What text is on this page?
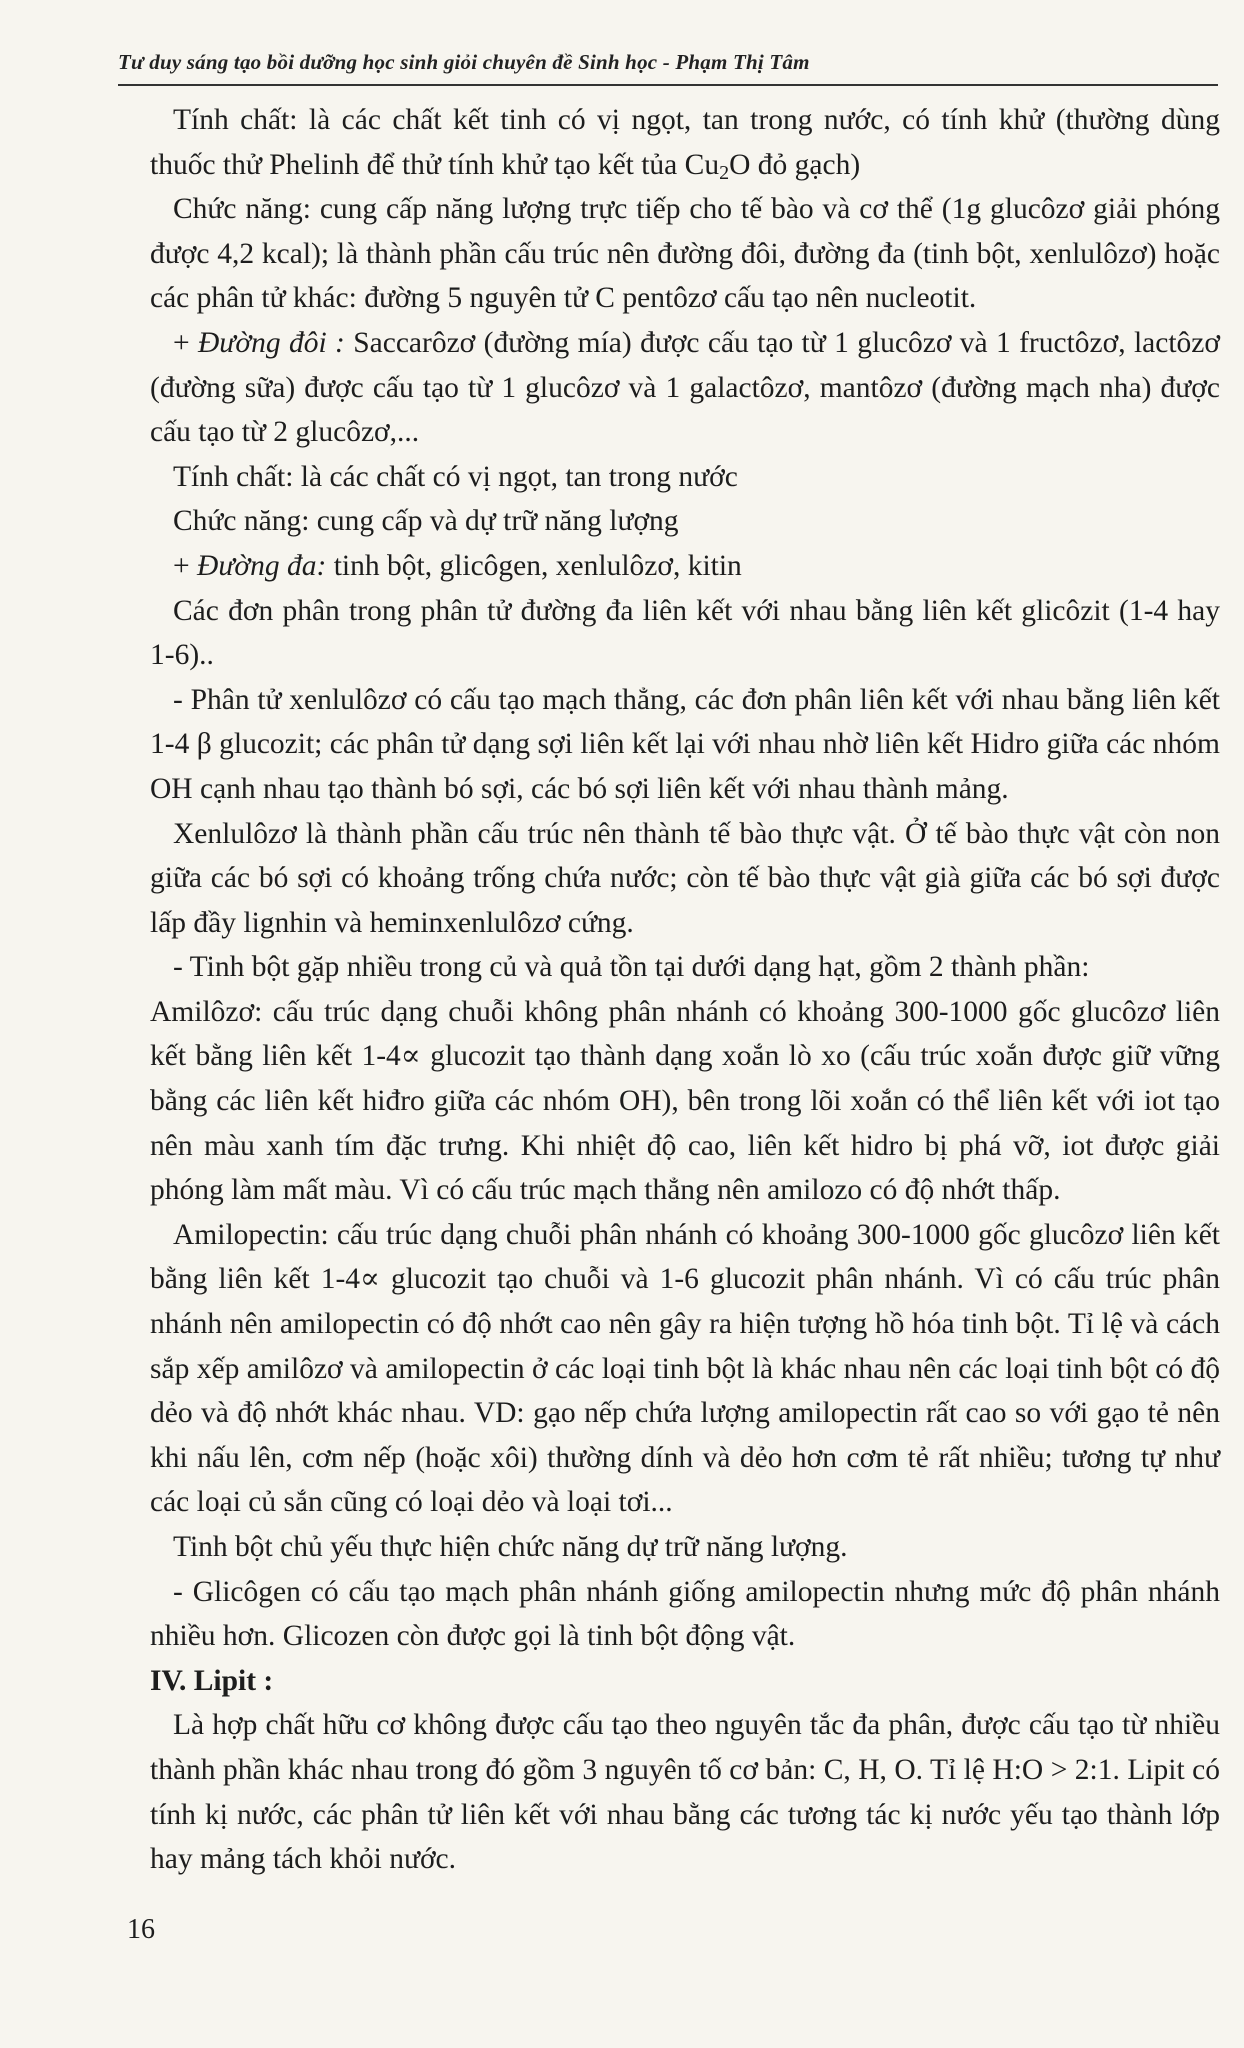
Tư duy sáng tạo bồi dưỡng học sinh giỏi chuyên đề Sinh học - Phạm Thị Tâm

Tính chất: là các chất kết tinh có vị ngọt, tan trong nước, có tính khử (thường dùng thuốc thử Phelinh để thử tính khử tạo kết tủa $Cu_2O$ đỏ gạch)

Chức năng: cung cấp năng lượng trực tiếp cho tế bào và cơ thể (1g glucôzơ giải phóng được 4,2 kcal); là thành phần cấu trúc nên đường đôi, đường đa (tinh bột, xenlulôzơ) hoặc các phân tử khác: đường 5 nguyên tử C pentôzơ cấu tạo nên nucleotit.

+ Đường đôi : Saccarôzơ (đường mía) được cấu tạo từ 1 glucôzơ và 1 fructôzơ, lactôzơ (đường sữa) được cấu tạo từ 1 glucôzơ và 1 galactôzơ, mantôzơ (đường mạch nha) được cấu tạo từ 2 glucôzơ,...

Tính chất: là các chất có vị ngọt, tan trong nước

Chức năng: cung cấp và dự trữ năng lượng

+ Đường đa: tinh bột, glicôgen, xenlulôzơ, kitin

Các đơn phân trong phân tử đường đa liên kết với nhau bằng liên kết glicôzit (1-4 hay 1-6)..

- Phân tử xenlulôzơ có cấu tạo mạch thẳng, các đơn phân liên kết với nhau bằng liên kết 1-4 β glucozit; các phân tử dạng sợi liên kết lại với nhau nhờ liên kết Hidro giữa các nhóm OH cạnh nhau tạo thành bó sợi, các bó sợi liên kết với nhau thành mảng.

Xenlulôzơ là thành phần cấu trúc nên thành tế bào thực vật. Ở tế bào thực vật còn non giữa các bó sợi có khoảng trống chứa nước; còn tế bào thực vật già giữa các bó sợi được lấp đầy lignhin và heminxenlulôzơ cứng.

- Tinh bột gặp nhiều trong củ và quả tồn tại dưới dạng hạt, gồm 2 thành phần:

Amilôzơ: cấu trúc dạng chuỗi không phân nhánh có khoảng 300-1000 gốc glucôzơ liên kết bằng liên kết 1-4∝ glucozit tạo thành dạng xoắn lò xo (cấu trúc xoắn được giữ vững bằng các liên kết hiđro giữa các nhóm OH), bên trong lõi xoắn có thể liên kết với iot tạo nên màu xanh tím đặc trưng. Khi nhiệt độ cao, liên kết hidro bị phá vỡ, iot được giải phóng làm mất màu. Vì có cấu trúc mạch thẳng nên amilozo có độ nhớt thấp.

Amilopectin: cấu trúc dạng chuỗi phân nhánh có khoảng 300-1000 gốc glucôzơ liên kết bằng liên kết 1-4∝ glucozit tạo chuỗi và 1-6 glucozit phân nhánh. Vì có cấu trúc phân nhánh nên amilopectin có độ nhớt cao nên gây ra hiện tượng hồ hóa tinh bột. Tỉ lệ và cách sắp xếp amilôzơ và amilopectin ở các loại tinh bột là khác nhau nên các loại tinh bột có độ dẻo và độ nhớt khác nhau. VD: gạo nếp chứa lượng amilopectin rất cao so với gạo tẻ nên khi nấu lên, cơm nếp (hoặc xôi) thường dính và dẻo hơn cơm tẻ rất nhiều; tương tự như các loại củ sắn cũng có loại dẻo và loại tơi...

Tinh bột chủ yếu thực hiện chức năng dự trữ năng lượng.

- Glicôgen có cấu tạo mạch phân nhánh giống amilopectin nhưng mức độ phân nhánh nhiều hơn. Glicozen còn được gọi là tinh bột động vật.

IV. Lipit :

Là hợp chất hữu cơ không được cấu tạo theo nguyên tắc đa phân, được cấu tạo từ nhiều thành phần khác nhau trong đó gồm 3 nguyên tố cơ bản: C, H, O. Tỉ lệ H:O > 2:1. Lipit có tính kị nước, các phân tử liên kết với nhau bằng các tương tác kị nước yếu tạo thành lớp hay mảng tách khỏi nước.

16
